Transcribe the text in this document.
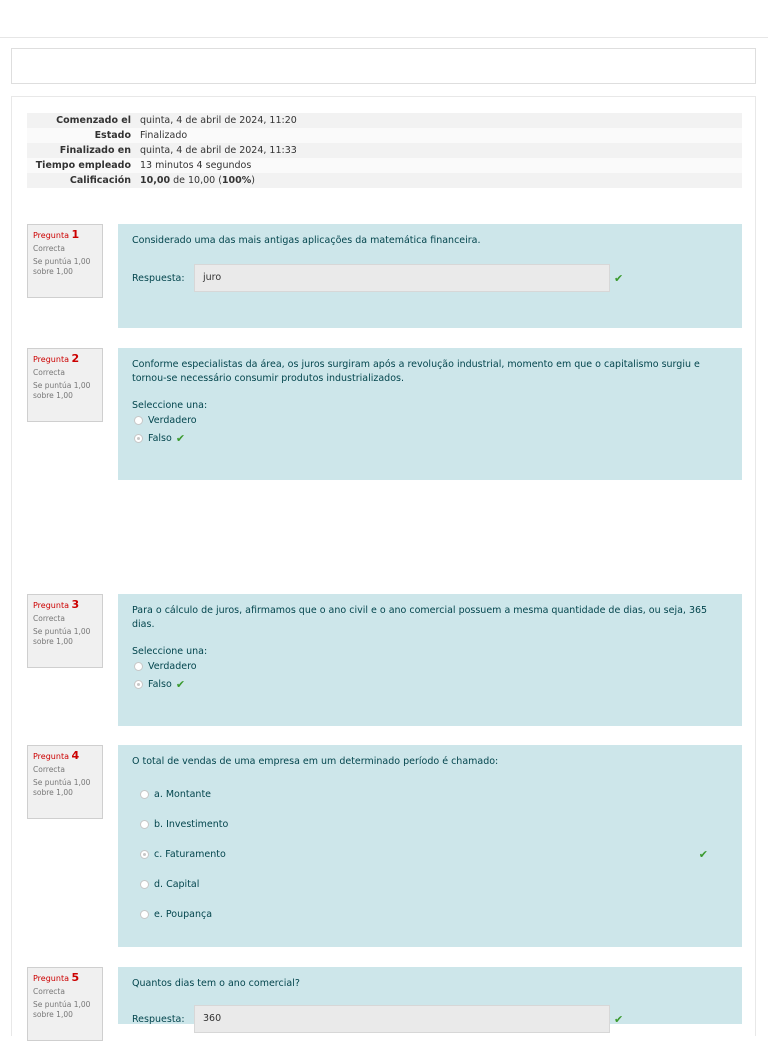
Comenzado el	quinta, 4 de abril de 2024, 11:20
Estado	Finalizado
Finalizado en	quinta, 4 de abril de 2024, 11:33
Tiempo empleado	13 minutos 4 segundos
Calificación	10,00 de 10,00 (100%)
Pregunta 1
Correcta
Se puntúa 1,00 sobre 1,00
Considerado uma das mais antigas aplicações da matemática financeira.
Respuesta:	juro	✔
Pregunta 2
Correcta
Se puntúa 1,00 sobre 1,00
Conforme especialistas da área, os juros surgiram após a revolução industrial, momento em que o capitalismo surgiu e tornou-se necessário consumir produtos industrializados.
Seleccione una:
Verdadero
Falso ✔
Pregunta 3
Correcta
Se puntúa 1,00 sobre 1,00
Para o cálculo de juros, afirmamos que o ano civil e o ano comercial possuem a mesma quantidade de dias, ou seja, 365 dias.
Seleccione una:
Verdadero
Falso ✔
Pregunta 4
Correcta
Se puntúa 1,00 sobre 1,00
O total de vendas de uma empresa em um determinado período é chamado:
a. Montante
b. Investimento
c. Faturamento	✔
d. Capital
e. Poupança
Pregunta 5
Correcta
Se puntúa 1,00 sobre 1,00
Quantos dias tem o ano comercial?
Respuesta:	360	✔
